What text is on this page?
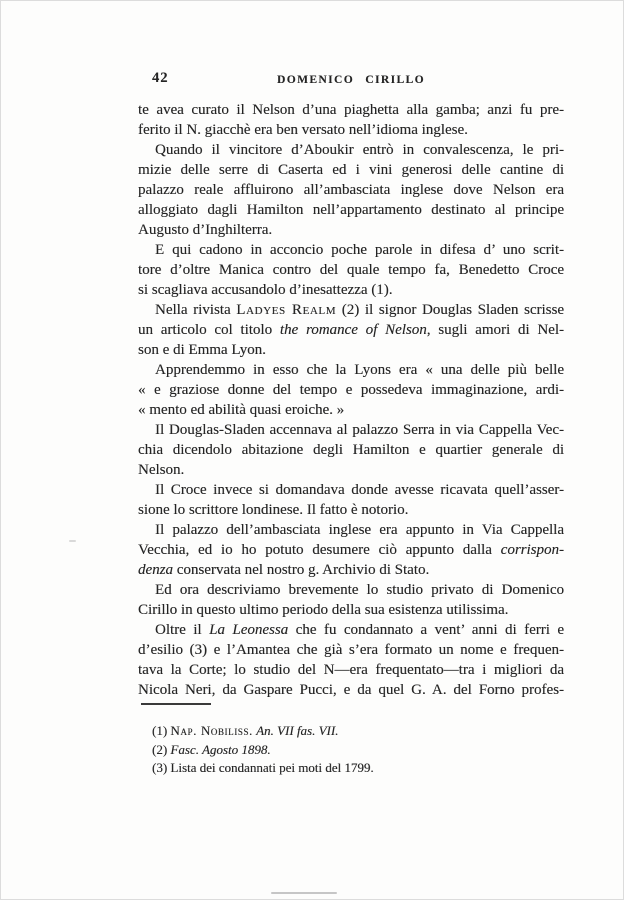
42	DOMENICO CIRILLO
te avea curato il Nelson d’una piaghetta alla gamba; anzi fu pre-
ferito il N. giacchè era ben versato nell’idioma inglese.
Quando il vincitore d’Aboukir entrò in convalescenza, le pri-
mizie delle serre di Caserta ed i vini generosi delle cantine di
palazzo reale affluirono all’ambasciata inglese dove Nelson era
alloggiato dagli Hamilton nell’appartamento destinato al principe
Augusto d’Inghilterra.
E qui cadono in acconcio poche parole in difesa d’ uno scrit-
tore d’oltre Manica contro del quale tempo fa, Benedetto Croce
si scagliava accusandolo d’inesattezza (1).
Nella rivista Ladyes Realm (2) il signor Douglas Sladen scrisse
un articolo col titolo the romance of Nelson, sugli amori di Nel-
son e di Emma Lyon.
Apprendemmo in esso che la Lyons era « una delle più belle
« e graziose donne del tempo e possedeva immaginazione, ardi-
« mento ed abilità quasi eroiche. »
Il Douglas-Sladen accennava al palazzo Serra in via Cappella Vec-
chia dicendolo abitazione degli Hamilton e quartier generale di
Nelson.
Il Croce invece si domandava donde avesse ricavata quell’asser-
sione lo scrittore londinese. Il fatto è notorio.
Il palazzo dell’ambasciata inglese era appunto in Via Cappella
Vecchia, ed io ho potuto desumere ciò appunto dalla corrispon-
denza conservata nel nostro g. Archivio di Stato.
Ed ora descriviamo brevemente lo studio privato di Domenico
Cirillo in questo ultimo periodo della sua esistenza utilissima.
Oltre il La Leonessa che fu condannato a vent’ anni di ferri e
d’esilio (3) e l’Amantea che già s’era formato un nome e frequen-
tava la Corte; lo studio del N—era frequentato—tra i migliori da
Nicola Neri, da Gaspare Pucci, e da quel G. A. del Forno profes-
(1) Nap. Nobiliss. An. VII fas. VII.
(2) Fasc. Agosto 1898.
(3) Lista dei condannati pei moti del 1799.
